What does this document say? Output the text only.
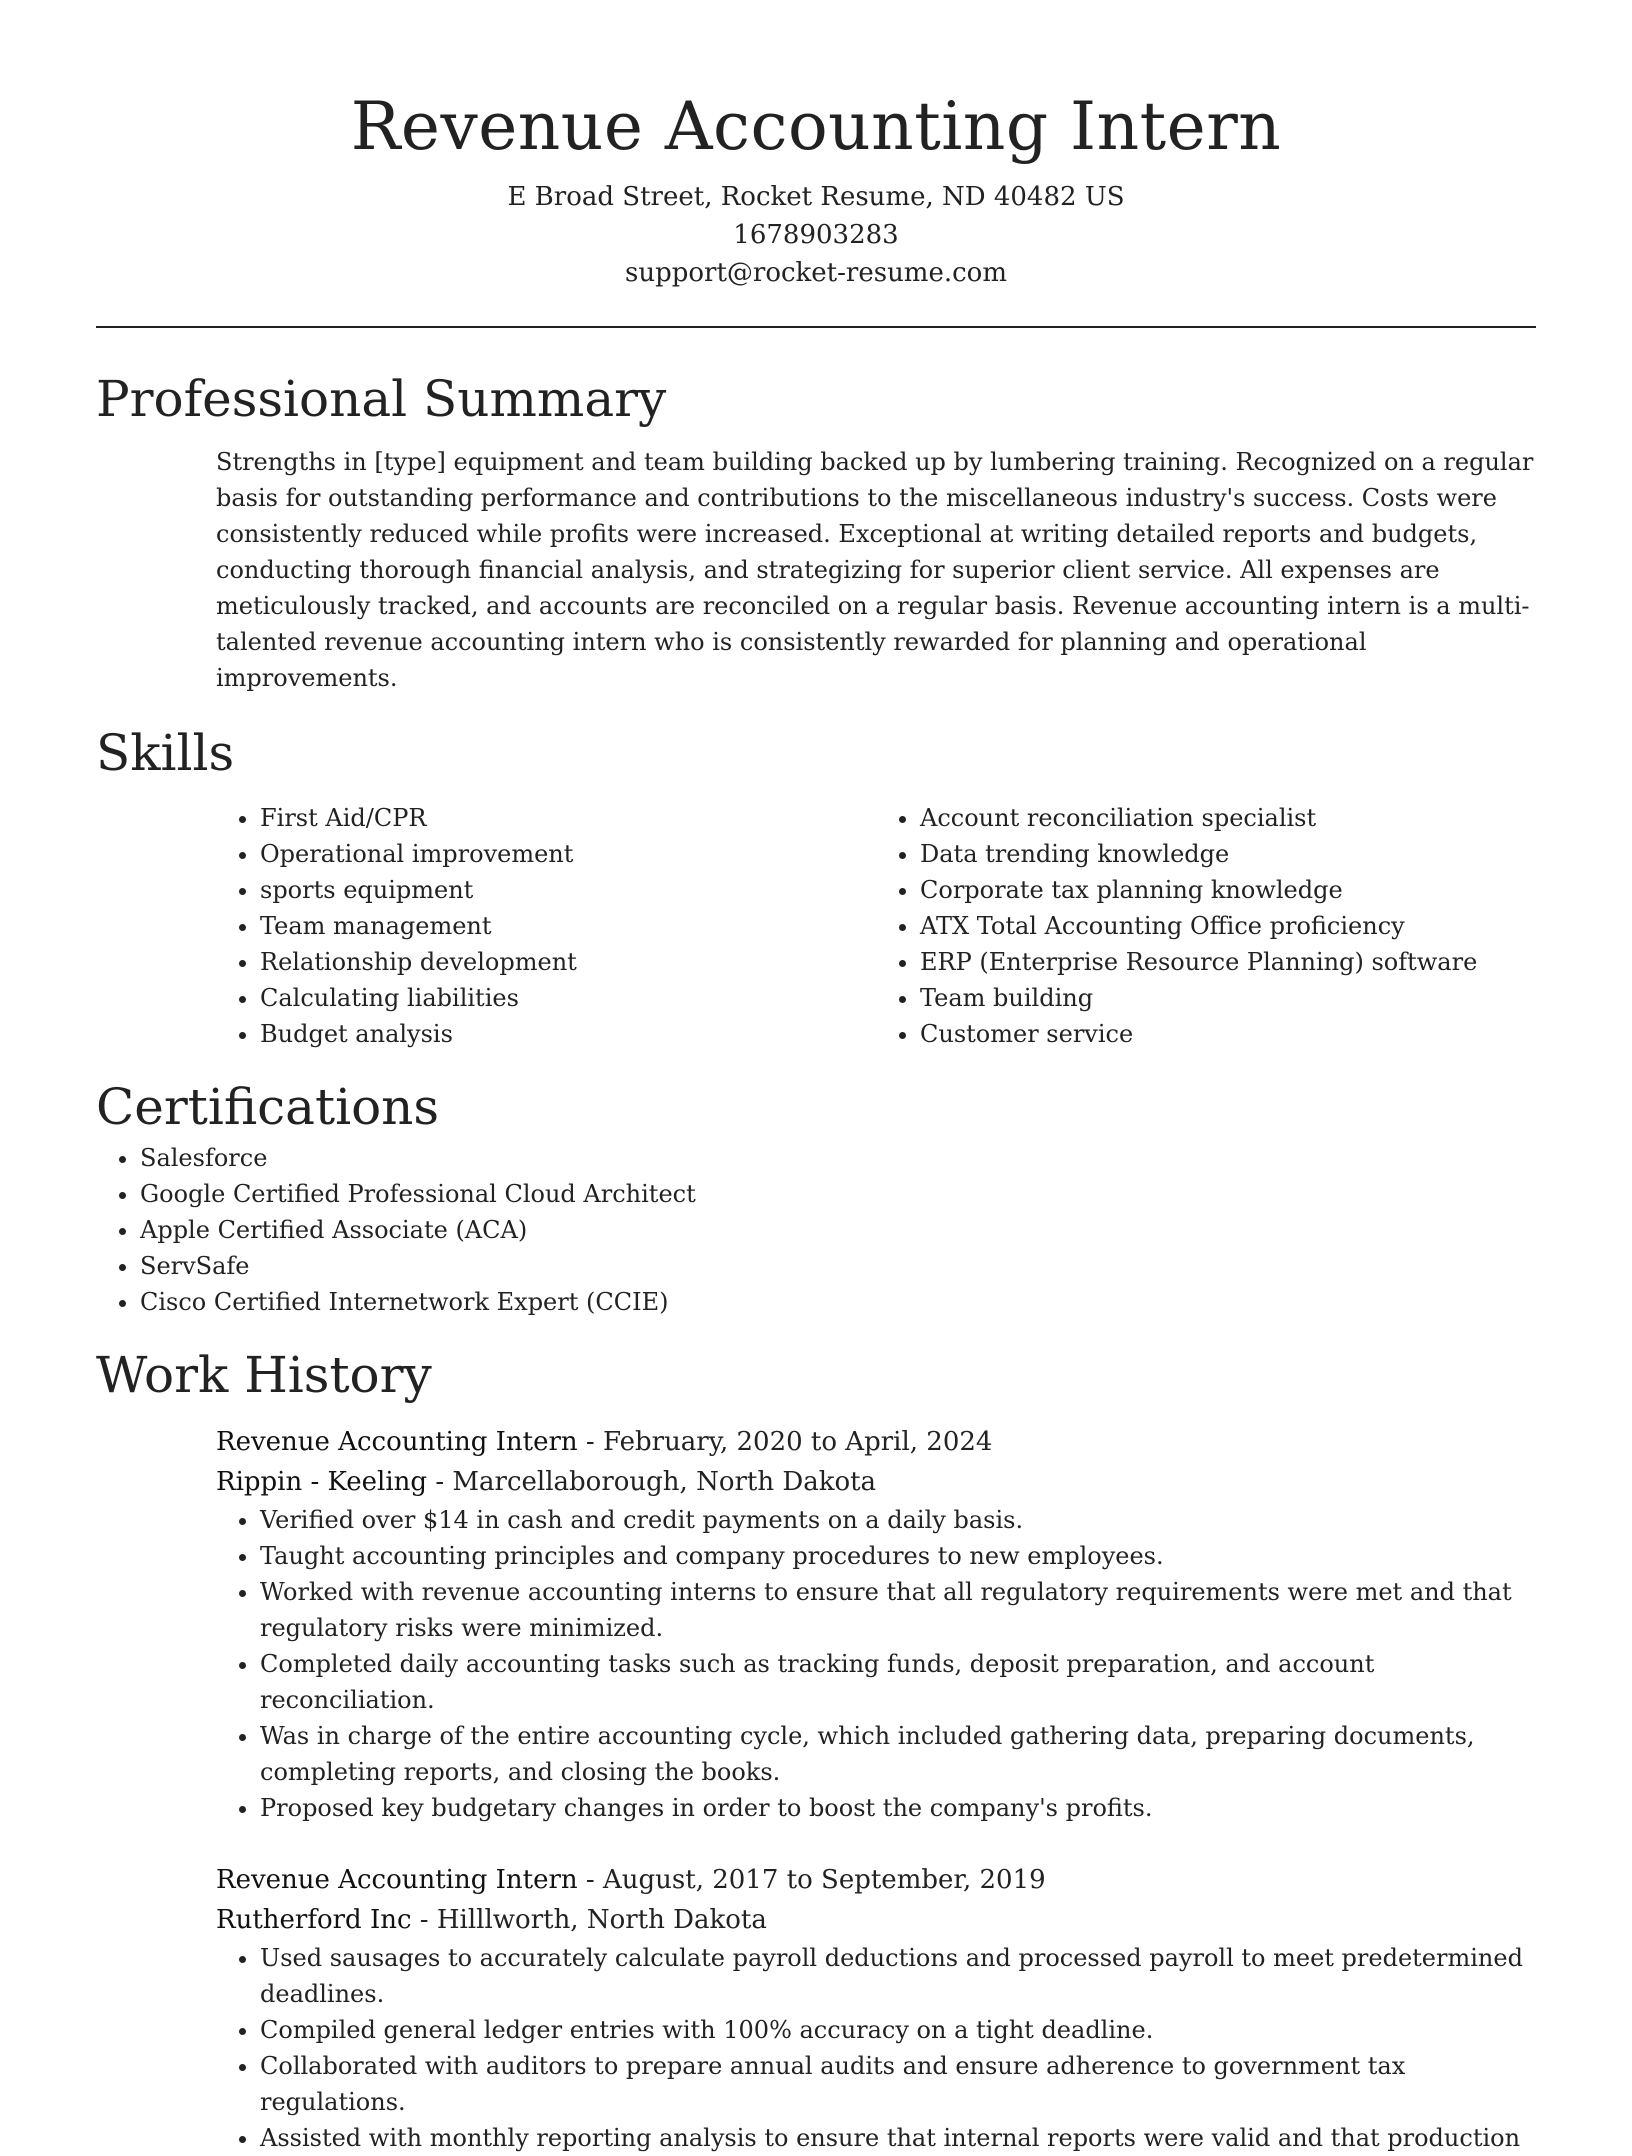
Revenue Accounting Intern
E Broad Street, Rocket Resume, ND 40482 US
1678903283
support@rocket-resume.com
Professional Summary

Strengths in [type] equipment and team building backed up by lumbering training. Recognized on a regular basis for outstanding performance and contributions to the miscellaneous industry's success. Costs were consistently reduced while profits were increased. Exceptional at writing detailed reports and budgets, conducting thorough financial analysis, and strategizing for superior client service. All expenses are meticulously tracked, and accounts are reconciled on a regular basis. Revenue accounting intern is a multi-talented revenue accounting intern who is consistently rewarded for planning and operational improvements.

Skills
• First Aid/CPR
• Operational improvement
• sports equipment
• Team management
• Relationship development
• Calculating liabilities
• Budget analysis
• Account reconciliation specialist
• Data trending knowledge
• Corporate tax planning knowledge
• ATX Total Accounting Office proficiency
• ERP (Enterprise Resource Planning) software
• Team building
• Customer service
Certifications
• Salesforce
• Google Certified Professional Cloud Architect
• Apple Certified Associate (ACA)
• ServSafe
• Cisco Certified Internetwork Expert (CCIE)
Work History
Revenue Accounting Intern - February, 2020 to April, 2024
Rippin - Keeling - Marcellaborough, North Dakota
• Verified over $14 in cash and credit payments on a daily basis.
• Taught accounting principles and company procedures to new employees.
• Worked with revenue accounting interns to ensure that all regulatory requirements were met and that regulatory risks were minimized.
• Completed daily accounting tasks such as tracking funds, deposit preparation, and account reconciliation.
• Was in charge of the entire accounting cycle, which included gathering data, preparing documents, completing reports, and closing the books.
• Proposed key budgetary changes in order to boost the company's profits.
Revenue Accounting Intern - August, 2017 to September, 2019
Rutherford Inc - Hilllworth, North Dakota
• Used sausages to accurately calculate payroll deductions and processed payroll to meet predetermined deadlines.
• Compiled general ledger entries with 100% accuracy on a tight deadline.
• Collaborated with auditors to prepare annual audits and ensure adherence to government tax regulations.
• Assisted with monthly reporting analysis to ensure that internal reports were valid and that production
